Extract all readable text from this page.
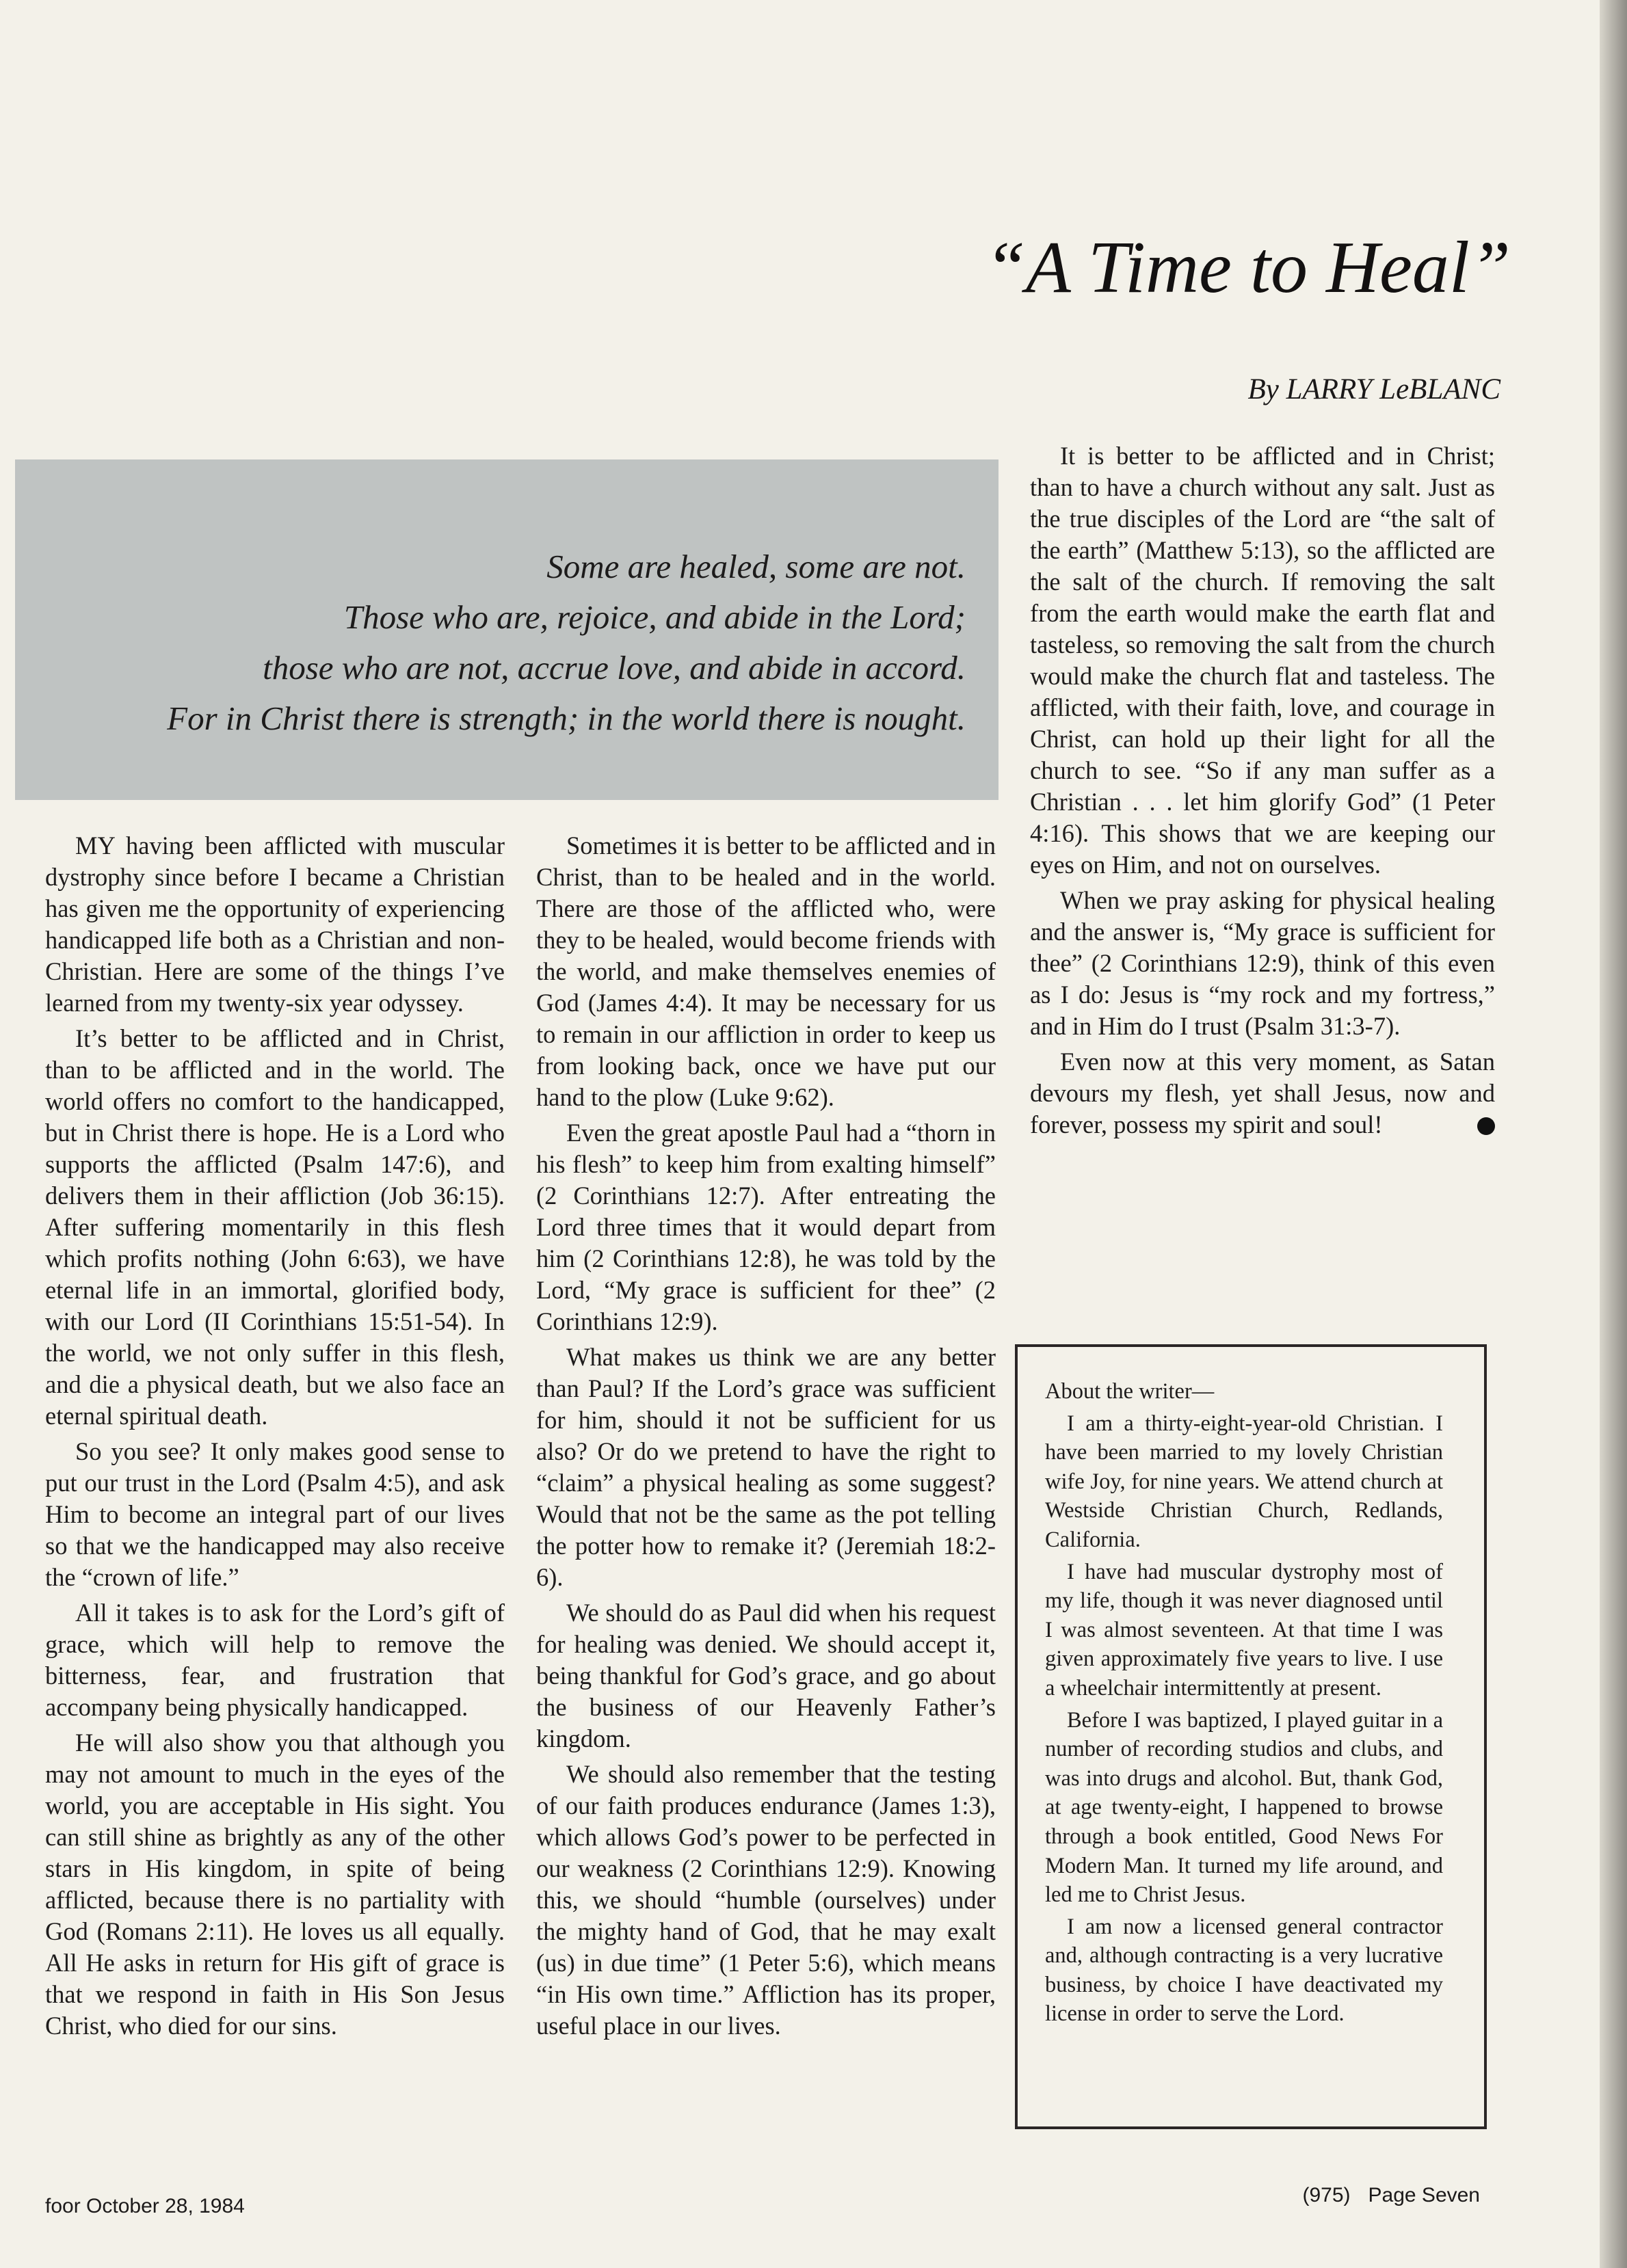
“A Time to Heal”
By LARRY LeBLANC
Some are healed, some are not.
Those who are, rejoice, and abide in the Lord;
those who are not, accrue love, and abide in accord.
For in Christ there is strength; in the world there is nought.

MY having been afflicted with muscular dystrophy since before I became a Christian has given me the opportunity of experiencing handicapped life both as a Christian and non-Christian. Here are some of the things I’ve learned from my twenty-six year odyssey.

It’s better to be afflicted and in Christ, than to be afflicted and in the world. The world offers no comfort to the handicapped, but in Christ there is hope. He is a Lord who supports the afflicted (Psalm 147:6), and delivers them in their affliction (Job 36:15). After suffering momentarily in this flesh which profits nothing (John 6:63), we have eternal life in an immortal, glorified body, with our Lord (II Corinthians 15:51-54). In the world, we not only suffer in this flesh, and die a physical death, but we also face an eternal spiritual death.

So you see? It only makes good sense to put our trust in the Lord (Psalm 4:5), and ask Him to become an integral part of our lives so that we the handicapped may also receive the “crown of life.”

All it takes is to ask for the Lord’s gift of grace, which will help to remove the bitterness, fear, and frustration that accompany being physically handicapped.

He will also show you that although you may not amount to much in the eyes of the world, you are acceptable in His sight. You can still shine as brightly as any of the other stars in His kingdom, in spite of being afflicted, because there is no partiality with God (Romans 2:11). He loves us all equally. All He asks in return for His gift of grace is that we respond in faith in His Son Jesus Christ, who died for our sins.

Sometimes it is better to be afflicted and in Christ, than to be healed and in the world. There are those of the afflicted who, were they to be healed, would become friends with the world, and make themselves enemies of God (James 4:4). It may be necessary for us to remain in our affliction in order to keep us from looking back, once we have put our hand to the plow (Luke 9:62).

Even the great apostle Paul had a “thorn in his flesh” to keep him from exalting himself” (2 Corinthians 12:7). After entreating the Lord three times that it would depart from him (2 Corinthians 12:8), he was told by the Lord, “My grace is sufficient for thee” (2 Corinthians 12:9).

What makes us think we are any better than Paul? If the Lord’s grace was sufficient for him, should it not be sufficient for us also? Or do we pretend to have the right to “claim” a physical healing as some suggest? Would that not be the same as the pot telling the potter how to remake it? (Jeremiah 18:2-6).

We should do as Paul did when his request for healing was denied. We should accept it, being thankful for God’s grace, and go about the business of our Heavenly Father’s kingdom.

We should also remember that the testing of our faith produces endurance (James 1:3), which allows God’s power to be perfected in our weakness (2 Corinthians 12:9). Knowing this, we should “humble (ourselves) under the mighty hand of God, that he may exalt (us) in due time” (1 Peter 5:6), which means “in His own time.” Affliction has its proper, useful place in our lives.

It is better to be afflicted and in Christ; than to have a church without any salt. Just as the true disciples of the Lord are “the salt of the earth” (Matthew 5:13), so the afflicted are the salt of the church. If removing the salt from the earth would make the earth flat and tasteless, so removing the salt from the church would make the church flat and tasteless. The afflicted, with their faith, love, and courage in Christ, can hold up their light for all the church to see. “So if any man suffer as a Christian . . . let him glorify God” (1 Peter 4:16). This shows that we are keeping our eyes on Him, and not on ourselves.

When we pray asking for physical healing and the answer is, “My grace is sufficient for thee” (2 Corinthians 12:9), think of this even as I do: Jesus is “my rock and my fortress,” and in Him do I trust (Psalm 31:3-7).

Even now at this very moment, as Satan devours my flesh, yet shall Jesus, now and forever, possess my spirit and soul!

About the writer—

I am a thirty-eight-year-old Christian. I have been married to my lovely Christian wife Joy, for nine years. We attend church at Westside Christian Church, Redlands, California.

I have had muscular dystrophy most of my life, though it was never diagnosed until I was almost seventeen. At that time I was given approximately five years to live. I use a wheelchair intermittently at present.

Before I was baptized, I played guitar in a number of recording studios and clubs, and was into drugs and alcohol. But, thank God, at age twenty-eight, I happened to browse through a book entitled, Good News For Modern Man. It turned my life around, and led me to Christ Jesus.

I am now a licensed general contractor and, although contracting is a very lucrative business, by choice I have deactivated my license in order to serve the Lord.

foor October 28, 1984	(975) Page Seven
